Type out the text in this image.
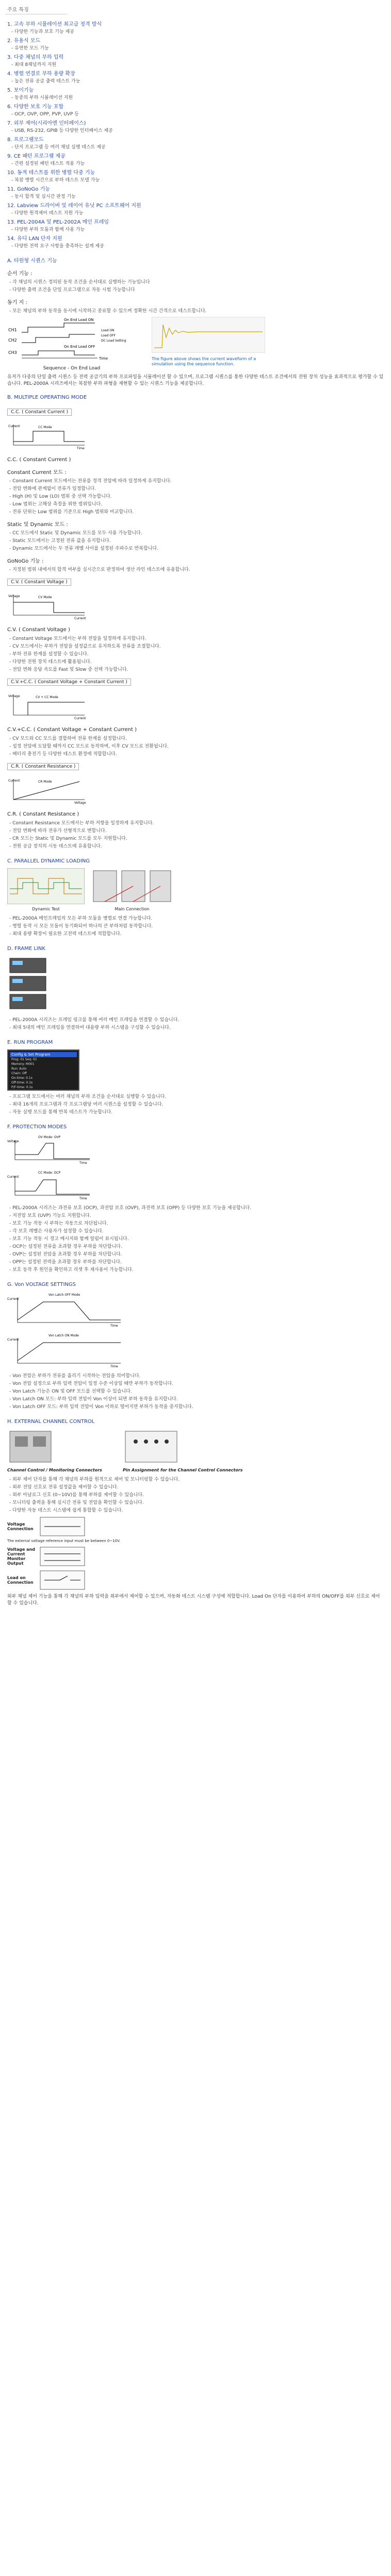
주요 특징
1. 고속 부하 시뮬레이션 최고급 정격 방식
- 다양한 기능과 보호 기능 제공
2. 유용식 모드
- 유연한 모드 기능
3. 다중 채널의 부하 입력
- 최대 8채널까지 지원
4. 병렬 연결로 부하 용량 확장
- 높은 전류 공급 출력 테스트 가능
5. 보이기능
- 동종의 부하 시뮬레이션 지원
6. 다양한 보호 기능 포함
- OCP, OVP, OPP, PVP, UVP 등
7. 외부 제어(시리아엔 인터페이스)
- USB, RS-232, GPIB 등 다양한 인터페이스 제공
8. 프로그램모드
- 단지 프로그램 등 여러 채널 실행 테스트 제공
9. CE 패턴 프로그램 제공
- 간편 설정된 패턴 테스트 적용 가능
10. 동적 테스트를 위한 병렬 다중 기능
- 복잡 병렬 시간으로 부하 테스트 모델 가능
11. GoNoGo 기능
- 동시 합격 및 실시간 판정 기능
12. Labview 드라이버 및 레이어 유닛 PC 소프트웨어 지원
- 다양한 원격제어 테스트 지원 가능
13. PEL-2004A 및 PEL-2002A 메인 프레임
- 다양한 부하 모듈과 함께 사용 가능
14. 유디 LAN 단자 지원
- 다양한 전력 요구 사항을 충족하는 설계 제공
A. 타원형 시퀀스 기능
순서 기능 :
- 각 채널의 시퀀스 정의된 동작 조건을 순서대로 실행하는 기능입니다
- 다양한 출력 조건을 단일 프로그램으로 자동 시험 가능합니다
동기 지 :
- 모든 채널의 부하 동작을 동시에 시작하고 종료할 수 있으며 정확한 시간 간격으로 테스트합니다.
On End Load ON
On End Load OFF
CH1
CH2
CH3
Time
Load ON
Load OFF
DC Load Setting
Sequence - On End Load
The figure above shows the current waveform of a simulation using the sequence function.
유저가 다중의 단일 출력 시퀀스 등 전력 공급기의 부하 프로파일을 시뮬레이션 할 수 있으며, 프로그램 시퀀스를 통한 다양한 테스트 조건에서의 전원 장치 성능을 효과적으로 평가할 수 있습니다. PEL-2000A 시리즈에서는 복잡한 부하 파형을 재현할 수 있는 시퀀스 기능을 제공합니다.
B. MULTIPLE OPERATING MODE
C.C. ( Constant Current )
CC Mode
Current
Time
C.C. ( Constant Current )
Constant Current 모드 :
- Constant Current 모드에서는 전류를 정격 전압에 따라 일정하게 유지합니다.
- 전압 변화에 관계없이 전류가 일정합니다.
- High (H) 및 Low (LO) 범위 중 선택 가능합니다.
- Low 범위는 고해상 측정을 위한 범위입니다.
- 전류 단위는 Low 범위를 기준으로 High 범위와 비교합니다.
Static 및 Dynamic 모드 :
- CC 모드에서 Static 및 Dynamic 모드를 모두 사용 가능합니다.
- Static 모드에서는 고정된 전류 값을 유지합니다.
- Dynamic 모드에서는 두 전류 레벨 사이를 설정된 주파수로 반복합니다.
GoNoGo 기능 :
- 지정된 범위 내에서의 합격 여부를 실시간으로 판정하여 생산 라인 테스트에 유용합니다.
C.V. ( Constant Voltage )
CV Mode
Voltage
Current
C.V. ( Constant Voltage )
- Constant Voltage 모드에서는 부하 전압을 일정하게 유지합니다.
- CV 모드에서는 부하가 전압을 설정값으로 유지하도록 전류를 조절합니다.
- 부하 전류 한계를 설정할 수 있습니다.
- 다양한 전원 장치 테스트에 활용됩니다.
- 전압 변화 응답 속도를 Fast 및 Slow 중 선택 가능합니다.
C.V.+C.C. ( Constant Voltage + Constant Current )
CV + CC Mode
Voltage
Current
C.V.+C.C. ( Constant Voltage + Constant Current )
- CV 모드와 CC 모드를 결합하여 전류 한계를 설정합니다.
- 설정 전압에 도달할 때까지 CC 모드로 동작하며, 이후 CV 모드로 전환됩니다.
- 배터리 충전기 등 다양한 테스트 환경에 적합합니다.
C.R. ( Constant Resistance )
CR Mode
Current
Voltage
C.R. ( Constant Resistance )
- Constant Resistance 모드에서는 부하 저항을 일정하게 유지합니다.
- 전압 변화에 따라 전류가 선형적으로 변합니다.
- CR 모드는 Static 및 Dynamic 모드를 모두 지원합니다.
- 전원 공급 장치의 시동 테스트에 유용합니다.
C. PARALLEL DYNAMIC LOADING
Dynamic Test	Main Connection
- PEL-2000A 메인프레임의 모든 부하 모듈을 병렬로 연결 가능합니다.
- 병렬 동작 시 모든 모듈이 동기화되어 하나의 큰 부하처럼 동작합니다.
- 최대 용량 확장이 필요한 고전력 테스트에 적합합니다.
D. FRAME LINK
- PEL-2000A 시리즈는 프레임 링크를 통해 여러 메인 프레임을 연결할 수 있습니다.
- 최대 5대의 메인 프레임을 연결하여 대용량 부하 시스템을 구성할 수 있습니다.
E. RUN PROGRAM
Config & Set Program
Prog: 01 Seq: 01
Memory: M001
Run: Auto
Chain: Off
On-time: 0.1s
Off-time: 0.1s
P/F-time: 0.1s
- 프로그램 모드에서는 여러 채널의 부하 조건을 순서대로 실행할 수 있습니다.
- 최대 16개의 프로그램과 각 프로그램당 여러 시퀀스를 설정할 수 있습니다.
- 자동 실행 모드를 통해 반복 테스트가 가능합니다.
F. PROTECTION MODES
OV Mode: OVP
Voltage
Time
CC Mode: OCP
Current
Time
- PEL-2000A 시리즈는 과전류 보호 (OCP), 과전압 보호 (OVP), 과전력 보호 (OPP) 등 다양한 보호 기능을 제공합니다.
- 저전압 보호 (UVP) 기능도 지원합니다.
- 보호 기능 작동 시 부하는 자동으로 차단됩니다.
- 각 보호 레벨은 사용자가 설정할 수 있습니다.
- 보호 기능 작동 시 경고 메시지와 함께 알림이 표시됩니다.
- OCP는 설정된 전류를 초과할 경우 부하를 차단합니다.
- OVP는 설정된 전압을 초과할 경우 부하를 차단합니다.
- OPP는 설정된 전력을 초과할 경우 부하를 차단합니다.
- 보호 동작 후 원인을 확인하고 리셋 후 재사용이 가능합니다.
G. Von VOLTAGE SETTINGS
Von Latch OFF Mode
Current
Time
Von Latch ON Mode
Current
Time
- Von 전압은 부하가 전류를 흘리기 시작하는 전압을 의미합니다.
- Von 전압 설정으로 부하 입력 전압이 일정 수준 이상일 때만 부하가 동작합니다.
- Von Latch 기능은 ON 및 OFF 모드를 선택할 수 있습니다.
- Von Latch ON 모드: 부하 입력 전압이 Von 이상이 되면 부하 동작을 유지합니다.
- Von Latch OFF 모드: 부하 입력 전압이 Von 이하로 떨어지면 부하가 동작을 중지합니다.
H. EXTERNAL CHANNEL CONTROL
Channel Control / Monitoring Connectors	Pin Assignment for the Channel Control Connectors
- 외부 제어 단자를 통해 각 채널의 부하를 원격으로 제어 및 모니터링할 수 있습니다.
- 외부 전압 신호로 전류 설정값을 제어할 수 있습니다.
- 외부 아날로그 신호 (0~10V)를 통해 부하를 제어할 수 있습니다.
- 모니터링 출력을 통해 실시간 전류 및 전압을 확인할 수 있습니다.
- 다양한 자동 테스트 시스템에 쉽게 통합할 수 있습니다.
Voltage Connection
The external voltage reference input must be between 0~10V.
Voltage and Current Monitor Output
Load on Connection
외부 채널 제어 기능을 통해 각 채널의 부하 입력을 외부에서 제어할 수 있으며, 자동화 테스트 시스템 구성에 적합합니다. Load On 단자를 이용하여 부하의 ON/OFF를 외부 신호로 제어할 수 있습니다.
